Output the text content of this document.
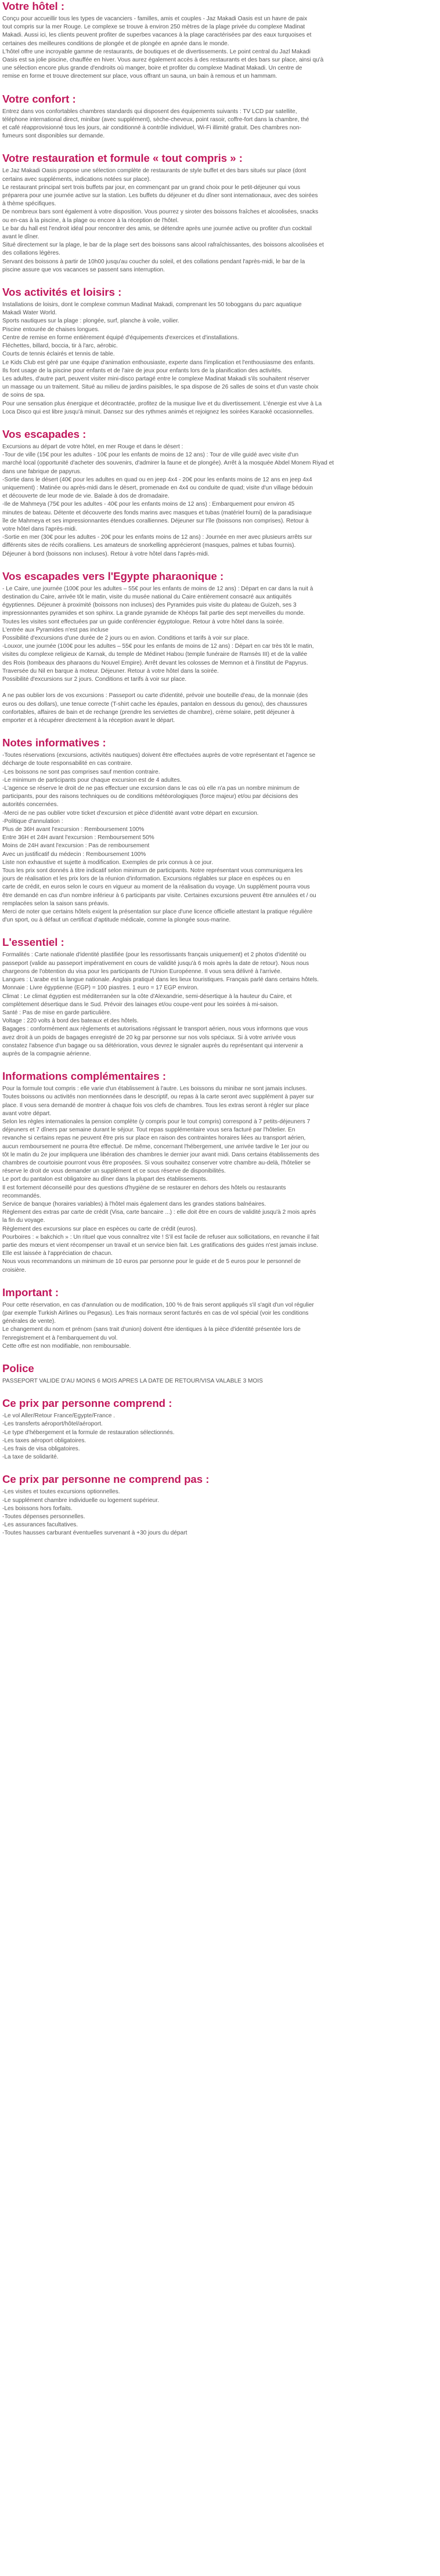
Votre hôtel :

Conçu pour accueillir tous les types de vacanciers - familles, amis et couples - Jaz Makadi Oasis est un havre de paix

tout compris sur la mer Rouge. Le complexe se trouve à environ 250 mètres de la plage privée du complexe Madinat

Makadi. Aussi ici, les clients peuvent profiter de superbes vacances à la plage caractérisées par des eaux turquoises et

certaines des meilleures conditions de plongée et de plongée en apnée dans le monde.

L'hôtel offre une incroyable gamme de restaurants, de boutiques et de divertissements. Le point central du Jazl Makadi

Oasis est sa jolie piscine, chauffée en hiver. Vous aurez également accès à des restaurants et des bars sur place, ainsi qu'à

une sélection encore plus grande d'endroits où manger, boire et profiter du complexe Madinat Makadi. Un centre de

remise en forme et trouve directement sur place, vous offrant un sauna, un bain à remous et un hammam.

Votre confort :

Entrez dans vos confortables chambres standards qui disposent des équipements suivants : TV LCD par satellite,

téléphone international direct, minibar (avec supplément), sèche-cheveux, point rasoir, coffre-fort dans la chambre, thé

et café réapprovisionné tous les jours, air conditionné à contrôle individuel, Wi-Fi illimité gratuit. Des chambres non-

fumeurs sont disponibles sur demande.

Votre restauration et formule « tout compris » :

Le Jaz Makadi Oasis propose une sélection complète de restaurants de style buffet et des bars situés sur place (dont

certains avec suppléments, indications notées sur place).

Le restaurant principal sert trois buffets par jour, en commençant par un grand choix pour le petit-déjeuner qui vous

préparera pour une journée active sur la station. Les buffets du déjeuner et du dîner sont internationaux, avec des soirées

à thème spécifiques.

De nombreux bars sont également à votre disposition. Vous pourrez y siroter des boissons fraîches et alcoolisées, snacks

ou en-cas à la piscine, à la plage ou encore à la réception de l'hôtel.

Le bar du hall est l'endroit idéal pour rencontrer des amis, se détendre après une journée active ou profiter d'un cocktail

avant le dîner.

Situé directement sur la plage, le bar de la plage sert des boissons sans alcool rafraîchissantes, des boissons alcoolisées et

des collations légères.

Servant des boissons à partir de 10h00 jusqu'au coucher du soleil, et des collations pendant l'après-midi, le bar de la

piscine assure que vos vacances se passent sans interruption.

Vos activités et loisirs :

Installations de loisirs, dont le complexe commun Madinat Makadi, comprenant les 50 toboggans du parc aquatique

Makadi Water World.

Sports nautiques sur la plage : plongée, surf, planche à voile, voilier.

Piscine entourée de chaises longues.

Centre de remise en forme entièrement équipé d'équipements d'exercices et d'installations.

Fléchettes, billard, boccia, tir à l'arc, aérobic.

Courts de tennis éclairés et tennis de table.

Le Kids Club est géré par une équipe d'animation enthousiaste, experte dans l'implication et l'enthousiasme des enfants.

Ils font usage de la piscine pour enfants et de l'aire de jeux pour enfants lors de la planification des activités.

Les adultes, d'autre part, peuvent visiter mini-disco partagé entre le complexe Madinat Makadi s'ils souhaitent réserver

un massage ou un traitement. Situé au milieu de jardins paisibles, le spa dispose de 26 salles de soins et d'un vaste choix

de soins de spa.

Pour une sensation plus énergique et décontractée, profitez de la musique live et du divertissement. L'énergie est vive à La

Loca Disco qui est libre jusqu'à minuit. Dansez sur des rythmes animés et rejoignez les soirées Karaoké occasionnelles.

Vos escapades :

Excursions au départ de votre hôtel, en mer Rouge et dans le désert :

-Tour de ville (15€ pour les adultes - 10€ pour les enfants de moins de 12 ans) : Tour de ville guidé avec visite d'un

marché local (opportunité d'acheter des souvenirs, d'admirer la faune et de plongée). Arrêt à la mosquée Abdel Monem Riyad et

dans une fabrique de papyrus.

-Sortie dans le désert (40€ pour les adultes en quad ou en jeep 4x4 - 20€ pour les enfants moins de 12 ans en jeep 4x4

uniquement) : Matinée ou après-midi dans le désert, promenade en 4x4 ou conduite de quad; visite d'un village bédouin

et découverte de leur mode de vie. Balade à dos de dromadaire.

-Ile de Mahmeya (75€ pour les adultes - 40€ pour les enfants moins de 12 ans) : Embarquement pour environ 45

minutes de bateau. Détente et découverte des fonds marins avec masques et tubas (matériel fourni) de la paradisiaque

île de Mahmeya et ses impressionnantes étendues coralliennes. Déjeuner sur l'île (boissons non comprises). Retour à

votre hôtel dans l'après-midi.

-Sortie en mer (30€ pour les adultes - 20€ pour les enfants moins de 12 ans) : Journée en mer avec plusieurs arrêts sur

différents sites de récifs coralliens. Les amateurs de snorkelling apprécieront (masques, palmes et tubas fournis).

Déjeuner à bord (boissons non incluses). Retour à votre hôtel dans l'après-midi.

Vos escapades vers l'Egypte pharaonique :

- Le Caire, une journée (100€ pour les adultes – 55€ pour les enfants de moins de 12 ans) : Départ en car dans la nuit à

destination du Caire, arrivée tôt le matin, visite du musée national du Caire entièrement consacré aux antiquités

égyptiennes. Déjeuner à proximité (boissons non incluses) des Pyramides puis visite du plateau de Guizeh, ses 3

impressionnantes pyramides et son sphinx. La grande pyramide de Khéops fait partie des sept merveilles du monde.

Toutes les visites sont effectuées par un guide conférencier égyptologue. Retour à votre hôtel dans la soirée.

L'entrée aux Pyramides n'est pas incluse

Possibilité d'excursions d'une durée de 2 jours ou en avion. Conditions et tarifs à voir sur place.

-Louxor, une journée (100€ pour les adultes – 55€ pour les enfants de moins de 12 ans) : Départ en car très tôt le matin,

visites du complexe religieux de Karnak, du temple de Médinet Habou (temple funéraire de Ramsès III) et de la vallée

des Rois (tombeaux des pharaons du Nouvel Empire). Arrêt devant les colosses de Memnon et à l'institut de Papyrus.

Traversée du Nil en barque à moteur. Déjeuner. Retour à votre hôtel dans la soirée.

Possibilité d'excursions sur 2 jours. Conditions et tarifs à voir sur place.

A ne pas oublier lors de vos excursions : Passeport ou carte d'identité, prévoir une bouteille d'eau, de la monnaie (des

euros ou des dollars), une tenue correcte (T-shirt cache les épaules, pantalon en dessous du genou), des chaussures

confortables, affaires de bain et de rechange (prendre les serviettes de chambre), crème solaire, petit déjeuner à

emporter et à récupérer directement à la réception avant le départ.

Notes informatives :

-Toutes réservations (excursions, activités nautiques) doivent être effectuées auprès de votre représentant et l'agence se

décharge de toute responsabilité en cas contraire.

-Les boissons ne sont pas comprises sauf mention contraire.

-Le minimum de participants pour chaque excursion est de 4 adultes.

-L'agence se réserve le droit de ne pas effectuer une excursion dans le cas où elle n'a pas un nombre minimum de

participants, pour des raisons techniques ou de conditions météorologiques (force majeur) et/ou par décisions des

autorités concernées.

-Merci de ne pas oublier votre ticket d'excursion et pièce d'identité avant votre départ en excursion.

-Politique d'annulation :

Plus de 36H avant l'excursion : Remboursement 100%

Entre 36H et 24H avant l'excursion : Remboursement 50%

Moins de 24H avant l'excursion : Pas de remboursement

Avec un justificatif du médecin : Remboursement 100%

Liste non exhaustive et sujette à modification. Exemples de prix connus à ce jour.

Tous les prix sont donnés à titre indicatif selon minimum de participants. Notre représentant vous communiquera les

jours de réalisation et les prix lors de la réunion d'information. Excursions réglables sur place en espèces ou en

carte de crédit, en euros selon le cours en vigueur au moment de la réalisation du voyage. Un supplément pourra vous

être demandé en cas d'un nombre inférieur à 6 participants par visite. Certaines excursions peuvent être annulées et / ou

remplacées selon la saison sans préavis.

Merci de noter que certains hôtels exigent la présentation sur place d'une licence officielle attestant la pratique régulière

d'un sport, ou à défaut un certificat d'aptitude médicale, comme la plongée sous-marine.

L'essentiel :

Formalités : Carte nationale d'identité plastifiée (pour les ressortissants français uniquement) et 2 photos d'identité ou

passeport (valide au passeport impérativement en cours de validité jusqu'à 6 mois après la date de retour). Nous nous

chargeons de l'obtention du visa pour les participants de l'Union Européenne. Il vous sera délivré à l'arrivée.

Langues : L'arabe est la langue nationale. Anglais pratiqué dans les lieux touristiques. Français parlé dans certains hôtels.

Monnaie : Livre égyptienne (EGP) = 100 piastres. 1 euro = 17 EGP environ.

Climat : Le climat égyptien est méditerranéen sur la côte d'Alexandrie, semi-désertique à la hauteur du Caire, et

complètement désertique dans le Sud. Prévoir des lainages et/ou coupe-vent pour les soirées à mi-saison.

Santé : Pas de mise en garde particulière.

Voltage : 220 volts à bord des bateaux et des hôtels.

Bagages : conformément aux règlements et autorisations régissant le transport aérien, nous vous informons que vous

avez droit à un poids de bagages enregistré de 20 kg par personne sur nos vols spéciaux. Si à votre arrivée vous

constatez l'absence d'un bagage ou sa détérioration, vous devrez le signaler auprès du représentant qui intervenir a

auprès de la compagnie aérienne.

Informations complémentaires :

Pour la formule tout compris : elle varie d'un établissement à l'autre. Les boissons du minibar ne sont jamais incluses.

Toutes boissons ou activités non mentionnées dans le descriptif, ou repas à la carte seront avec supplément à payer sur

place. Il vous sera demandé de montrer à chaque fois vos clefs de chambres. Tous les extras seront à régler sur place

avant votre départ.

Selon les règles internationales la pension complète (y compris pour le tout compris) correspond à 7 petits-déjeuners 7

déjeuners et 7 dîners par semaine durant le séjour. Tout repas supplémentaire vous sera facturé par l'hôtelier. En

revanche si certains repas ne peuvent être pris sur place en raison des contraintes horaires liées au transport aérien,

aucun remboursement ne pourra être effectué. De même, concernant l'hébergement, une arrivée tardive le 1er jour ou

tôt le matin du 2e jour impliquera une libération des chambres le dernier jour avant midi. Dans certains établissements des

chambres de courtoisie pourront vous être proposées. Si vous souhaitez conserver votre chambre au-delà, l'hôtelier se

réserve le droit de vous demander un supplément et ce sous réserve de disponibilités.

Le port du pantalon est obligatoire au dîner dans la plupart des établissements.

Il est fortement déconseillé pour des questions d'hygiène de se restaurer en dehors des hôtels ou restaurants

recommandés.

Service de banque (horaires variables) à l'hôtel mais également dans les grandes stations balnéaires.

Règlement des extras par carte de crédit (Visa, carte bancaire ...) : elle doit être en cours de validité jusqu'à 2 mois après

la fin du voyage.

Règlement des excursions sur place en espèces ou carte de crédit (euros).

Pourboires : « bakchich » : Un rituel que vous connaîtrez vite ! S'il est facile de refuser aux sollicitations, en revanche il fait

partie des mœurs et vient récompenser un travail et un service bien fait. Les gratifications des guides n'est jamais incluse.

Elle est laissée à l'appréciation de chacun.

Nous vous recommandons un minimum de 10 euros par personne pour le guide et de 5 euros pour le personnel de

croisière.

Important :

Pour cette réservation, en cas d'annulation ou de modification, 100 % de frais seront appliqués s'il s'agit d'un vol régulier

(par exemple Turkish Airlines ou Pegasus). Les frais normaux seront facturés en cas de vol spécial (voir les conditions

générales de vente).

Le changement du nom et prénom (sans trait d'union) doivent être identiques à la pièce d'identité présentée lors de

l'enregistrement et à l'embarquement du vol.

Cette offre est non modifiable, non remboursable.

Police

PASSEPORT VALIDE D'AU MOINS 6 MOIS APRES LA DATE DE RETOUR/VISA VALABLE 3 MOIS

Ce prix par personne comprend :

-Le vol Aller/Retour France/Egypte/France .

-Les transferts aéroport/hôtel/aéroport.

-Le type d'hébergement et la formule de restauration sélectionnés.

-Les taxes aéroport obligatoires.

-Les frais de visa obligatoires.

-La taxe de solidarité.

Ce prix par personne ne comprend pas :

-Les visites et toutes excursions optionnelles.

-Le supplément chambre individuelle ou logement supérieur.

-Les boissons hors forfaits.

-Toutes dépenses personnelles.

-Les assurances facultatives.

-Toutes hausses carburant éventuelles survenant à +30 jours du départ
